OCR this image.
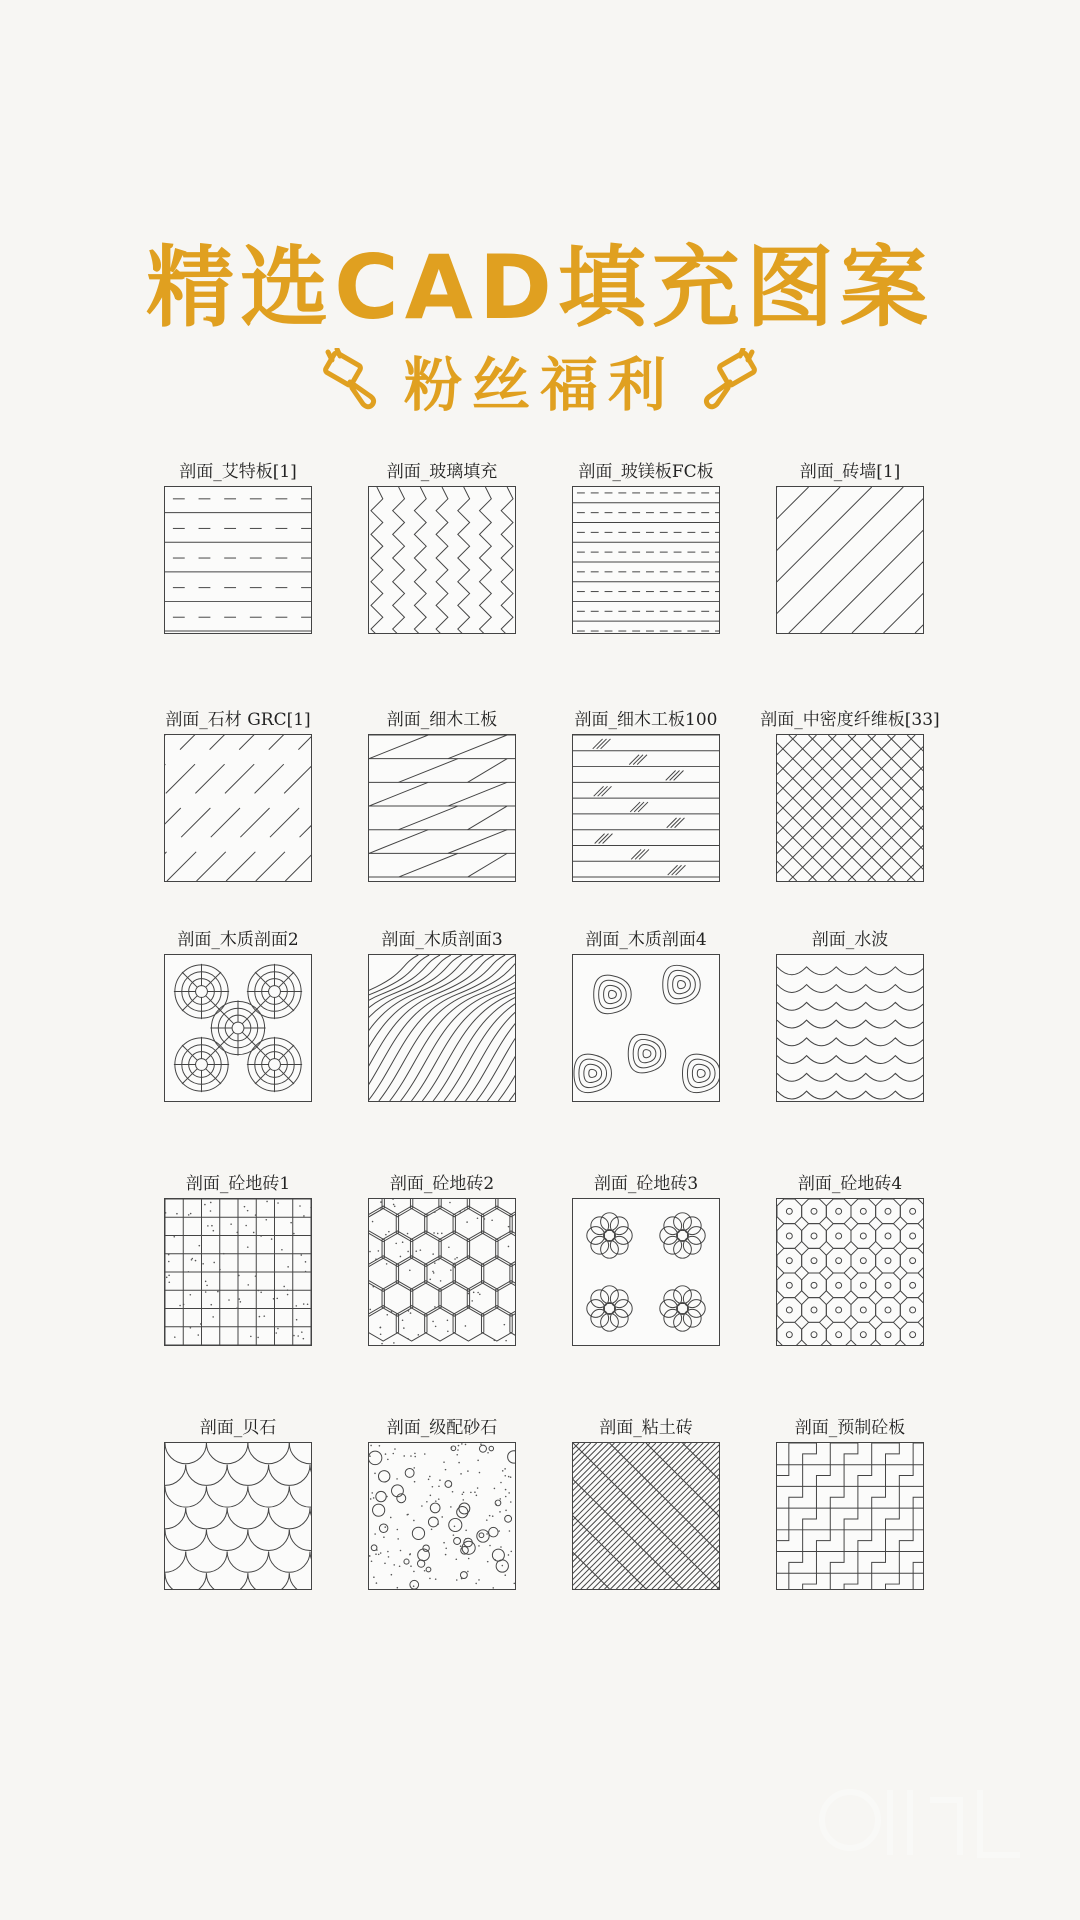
精选CAD填充图案
粉丝福利
剖面_艾特板[1]	剖面_玻璃填充	剖面_玻镁板FC板	剖面_砖墙[1]
剖面_石材 GRC[1]	剖面_细木工板	剖面_细木工板100	剖面_中密度纤维板[33]
剖面_木质剖面2	剖面_木质剖面3	剖面_木质剖面4	剖面_水波
剖面_砼地砖1	剖面_砼地砖2	剖面_砼地砖3	剖面_砼地砖4
剖面_贝石	剖面_级配砂石	剖面_粘土砖	剖面_预制砼板
